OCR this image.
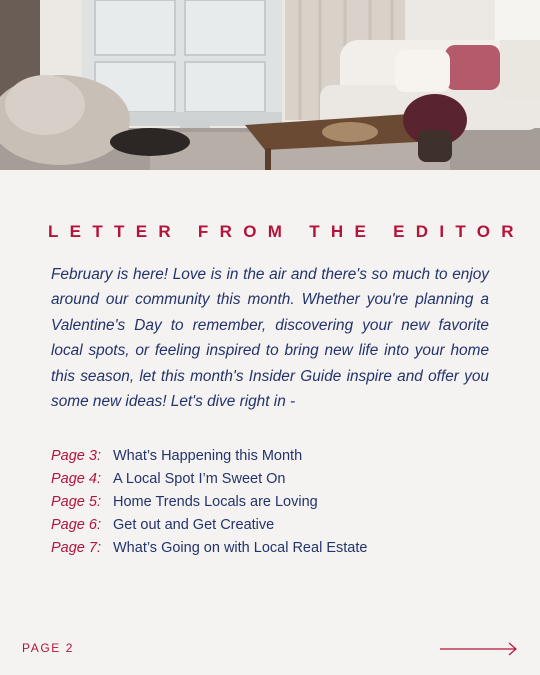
LETTER FROM THE EDITOR

February is here! Love is in the air and there's so much to enjoy around our community this month. Whether you're planning a Valentine's Day to remember, discovering your new favorite local spots, or feeling inspired to bring new life into your home this season, let this month's Insider Guide inspire and offer you some new ideas! Let's dive right in -

Page 3: What’s Happening this Month
Page 4: A Local Spot I’m Sweet On
Page 5: Home Trends Locals are Loving
Page 6: Get out and Get Creative
Page 7: What’s Going on with Local Real Estate
PAGE 2
